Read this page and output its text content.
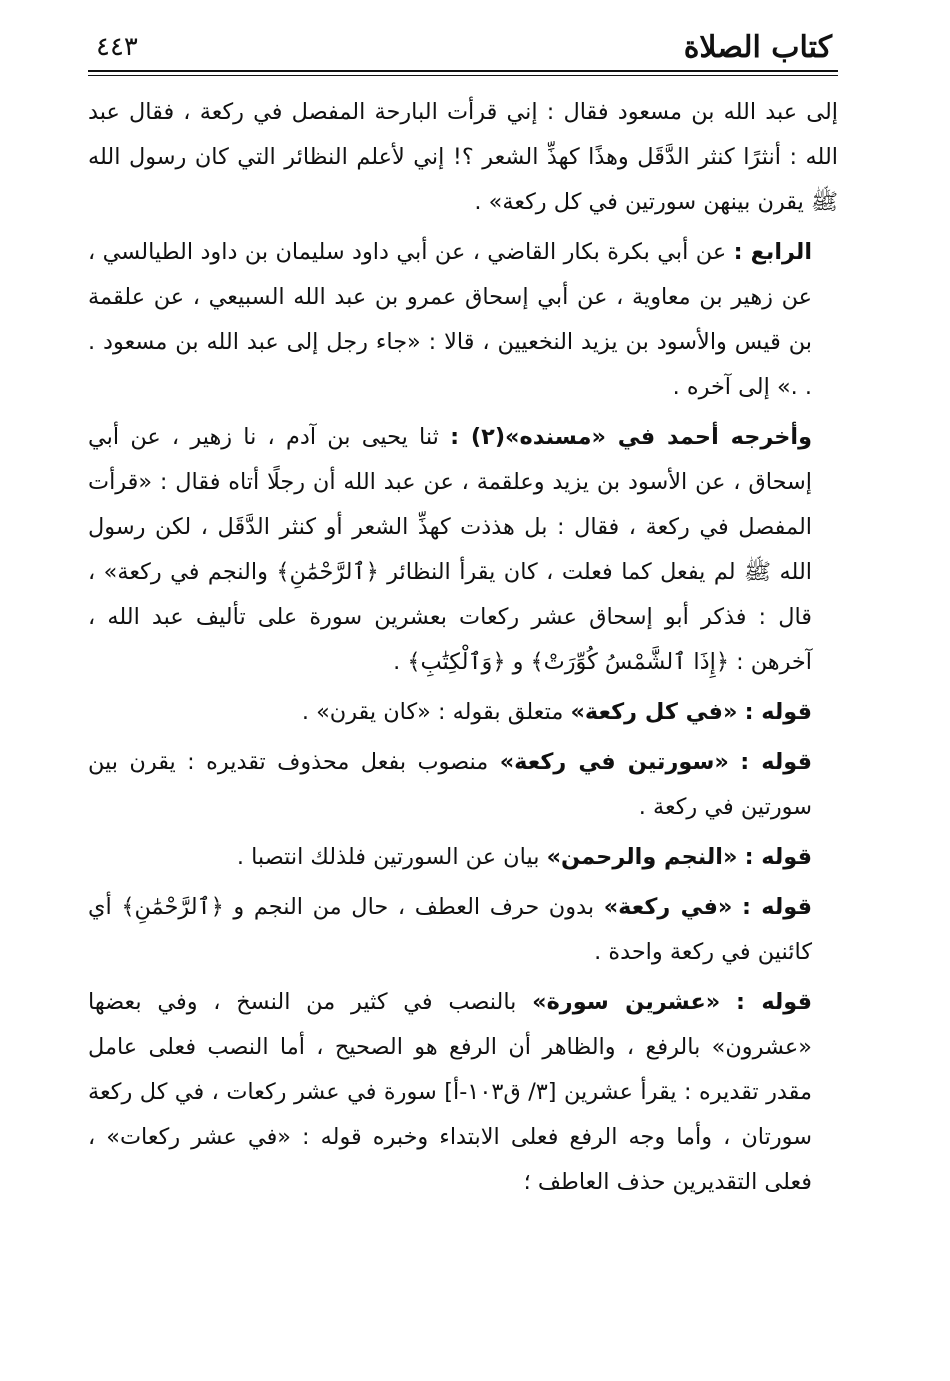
كتاب الصلاة
٤٤٣

إلى عبد الله بن مسعود فقال : إني قرأت البارحة المفصل في ركعة ، فقال عبد الله : أنثرًا كنثر الدَّقَل وهذًا كهذِّ الشعر ؟! إني لأعلم النظائر التي كان رسول الله ﷺ يقرن بينهن سورتين في كل ركعة» .

الرابع : عن أبي بكرة بكار القاضي ، عن أبي داود سليمان بن داود الطيالسي ، عن زهير بن معاوية ، عن أبي إسحاق عمرو بن عبد الله السبيعي ، عن علقمة بن قيس والأسود بن يزيد النخعيين ، قالا : «جاء رجل إلى عبد الله بن مسعود . . .» إلى آخره .

وأخرجه أحمد في «مسنده»(٢) : ثنا يحيى بن آدم ، نا زهير ، عن أبي إسحاق ، عن الأسود بن يزيد وعلقمة ، عن عبد الله أن رجلًا أتاه فقال : «قرأت المفصل في ركعة ، فقال : بل هذذت كهذِّ الشعر أو كنثر الدَّقَل ، لكن رسول الله ﷺ لم يفعل كما فعلت ، كان يقرأ النظائر ﴿ٱلرَّحْمَٰنِ﴾ والنجم في ركعة» ، قال : فذكر أبو إسحاق عشر ركعات بعشرين سورة على تأليف عبد الله ، آخرهن : ﴿إِذَا ٱلشَّمْسُ كُوِّرَتْ﴾ و ﴿وَٱلْكِتَٰبِ﴾ .

قوله : «في كل ركعة» متعلق بقوله : «كان يقرن» .

قوله : «سورتين في ركعة» منصوب بفعل محذوف تقديره : يقرن بين سورتين في ركعة .

قوله : «النجم والرحمن» بيان عن السورتين فلذلك انتصبا .

قوله : «في ركعة» بدون حرف العطف ، حال من النجم و ﴿ٱلرَّحْمَٰنِ﴾ أي كائنين في ركعة واحدة .

قوله : «عشرين سورة» بالنصب في كثير من النسخ ، وفي بعضها «عشرون» بالرفع ، والظاهر أن الرفع هو الصحيح ، أما النصب فعلى عامل مقدر تقديره : يقرأ عشرين [٣/ ق١٠٣-أ] سورة في عشر ركعات ، في كل ركعة سورتان ، وأما وجه الرفع فعلى الابتداء وخبره قوله : «في عشر ركعات» ، فعلى التقديرين حذف العاطف ؛
